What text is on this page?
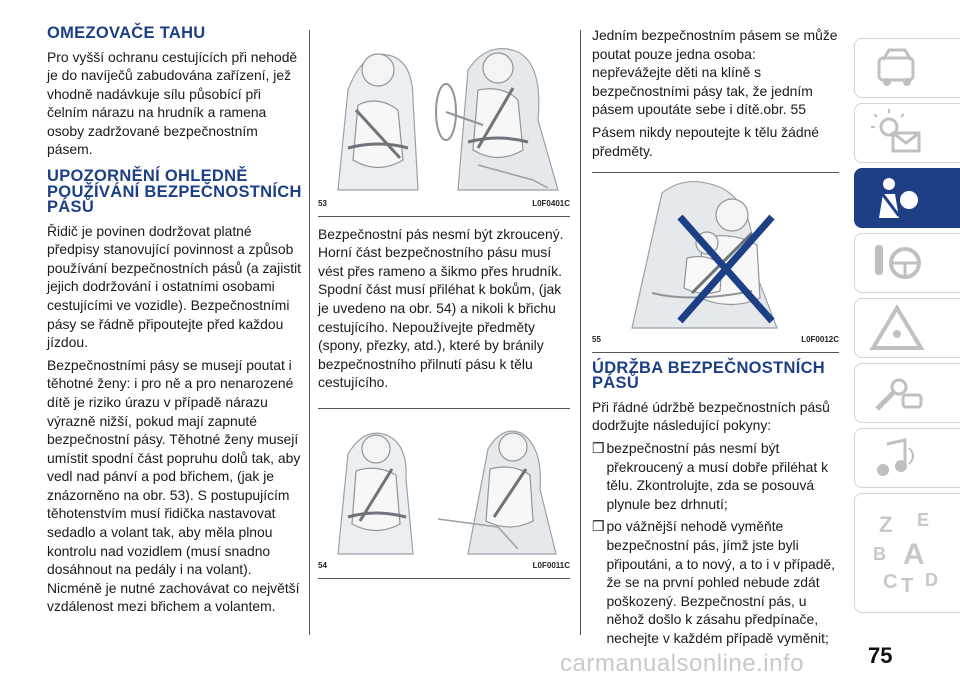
OMEZOVAČE TAHU

Pro vyšší ochranu cestujících při nehodě je do navíječů zabudována zařízení, jež vhodně nadávkuje sílu působící při čelním nárazu na hrudník a ramena osoby zadržované bezpečnostním pásem.

UPOZORNĚNÍ OHLEDNĚ POUŽÍVÁNÍ BEZPEČNOSTNÍCH PÁSŮ

Řidič je povinen dodržovat platné předpisy stanovující povinnost a způsob používání bezpečnostních pásů (a zajistit jejich dodržování i ostatními osobami cestujícími ve vozidle). Bezpečnostními pásy se řádně připoutejte před každou jízdou.

Bezpečnostními pásy se musejí poutat i těhotné ženy: i pro ně a pro nenarozené dítě je riziko úrazu v případě nárazu výrazně nižší, pokud mají zapnuté bezpečnostní pásy. Těhotné ženy musejí umístit spodní část popruhu dolů tak, aby vedl nad pánví a pod břichem, (jak je znázorněno na obr. 53). S postupujícím těhotenstvím musí řidička nastavovat sedadlo a volant tak, aby měla plnou kontrolu nad vozidlem (musí snadno dosáhnout na pedály i na volant). Nicméně je nutné zachovávat co největší vzdálenost mezi břichem a volantem.

53	L0F0401C

Bezpečnostní pás nesmí být zkroucený. Horní část bezpečnostního pásu musí vést přes rameno a šikmo přes hrudník. Spodní část musí přiléhat k bokům, (jak je uvedeno na obr. 54) a nikoli k břichu cestujícího. Nepoužívejte předměty (spony, přezky, atd.), které by bránily bezpečnostního přilnutí pásu k tělu cestujícího.

54	L0F0011C

Jedním bezpečnostním pásem se může poutat pouze jedna osoba: nepřevážejte děti na klíně s bezpečnostními pásy tak, že jedním pásem upoutáte sebe i dítě.obr. 55

Pásem nikdy nepoutejte k tělu žádné předměty.

55	L0F0012C
ÚDRŽBA BEZPEČNOSTNÍCH PÁSŮ

Při řádné údržbě bezpečnostních pásů dodržujte následující pokyny:

❒ bezpečnostní pás nesmí být překroucený a musí dobře přiléhat k tělu. Zkontrolujte, zda se posouvá plynule bez drhnutí;

❒ po vážnější nehodě vyměňte bezpečnostní pás, jímž jste byli připoutáni, a to nový, a to i v případě, že se na první pohled nebude zdát poškozený. Bezpečnostní pás, u něhož došlo k zásahu předpínače, nechejte v každém případě vyměnit;

Z E
B A
C T D
75
carmanualsonline.info
